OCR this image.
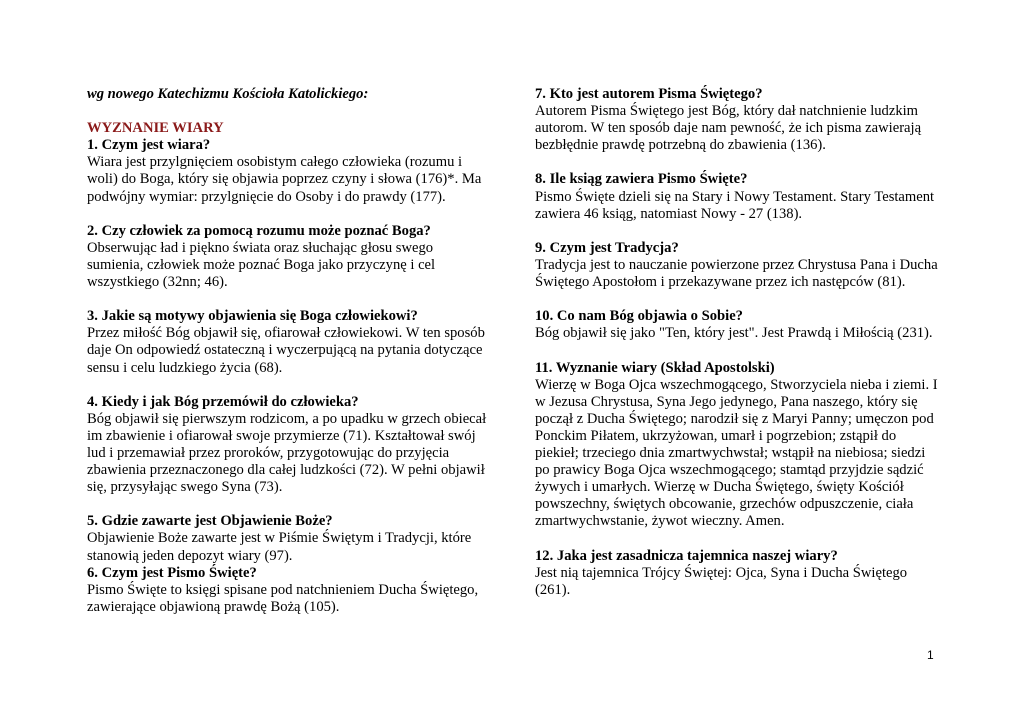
wg nowego Katechizmu Kościoła Katolickiego:
WYZNANIE WIARY
1. Czym jest wiara?
Wiara jest przylgnięciem osobistym całego człowieka (rozumu i
woli) do Boga, który się objawia poprzez czyny i słowa (176)*. Ma
podwójny wymiar: przylgnięcie do Osoby i do prawdy (177).
2. Czy człowiek za pomocą rozumu może poznać Boga?
Obserwując ład i piękno świata oraz słuchając głosu swego
sumienia, człowiek może poznać Boga jako przyczynę i cel
wszystkiego (32nn; 46).
3. Jakie są motywy objawienia się Boga człowiekowi?
Przez miłość Bóg objawił się, ofiarował człowiekowi. W ten sposób
daje On odpowiedź ostateczną i wyczerpującą na pytania dotyczące
sensu i celu ludzkiego życia (68).
4. Kiedy i jak Bóg przemówił do człowieka?
Bóg objawił się pierwszym rodzicom, a po upadku w grzech obiecał
im zbawienie i ofiarował swoje przymierze (71). Kształtował swój
lud i przemawiał przez proroków, przygotowując do przyjęcia
zbawienia przeznaczonego dla całej ludzkości (72). W pełni objawił
się, przysyłając swego Syna (73).
5. Gdzie zawarte jest Objawienie Boże?
Objawienie Boże zawarte jest w Piśmie Świętym i Tradycji, które
stanowią jeden depozyt wiary (97).
6. Czym jest Pismo Święte?
Pismo Święte to księgi spisane pod natchnieniem Ducha Świętego,
zawierające objawioną prawdę Bożą (105).
7. Kto jest autorem Pisma Świętego?
Autorem Pisma Świętego jest Bóg, który dał natchnienie ludzkim
autorom. W ten sposób daje nam pewność, że ich pisma zawierają
bezbłędnie prawdę potrzebną do zbawienia (136).
8. Ile ksiąg zawiera Pismo Święte?
Pismo Święte dzieli się na Stary i Nowy Testament. Stary Testament
zawiera 46 ksiąg, natomiast Nowy - 27 (138).
9. Czym jest Tradycja?
Tradycja jest to nauczanie powierzone przez Chrystusa Pana i Ducha
Świętego Apostołom i przekazywane przez ich następców (81).
10. Co nam Bóg objawia o Sobie?
Bóg objawił się jako "Ten, który jest". Jest Prawdą i Miłością (231).
11. Wyznanie wiary (Skład Apostolski)
Wierzę w Boga Ojca wszechmogącego, Stworzyciela nieba i ziemi. I
w Jezusa Chrystusa, Syna Jego jedynego, Pana naszego, który się
począł z Ducha Świętego; narodził się z Maryi Panny; umęczon pod
Ponckim Piłatem, ukrzyżowan, umarł i pogrzebion; zstąpił do
piekieł; trzeciego dnia zmartwychwstał; wstąpił na niebiosa; siedzi
po prawicy Boga Ojca wszechmogącego; stamtąd przyjdzie sądzić
żywych i umarłych. Wierzę w Ducha Świętego, święty Kościół
powszechny, świętych obcowanie, grzechów odpuszczenie, ciała
zmartwychwstanie, żywot wieczny. Amen.
12. Jaka jest zasadnicza tajemnica naszej wiary?
Jest nią tajemnica Trójcy Świętej: Ojca, Syna i Ducha Świętego
(261).
1
